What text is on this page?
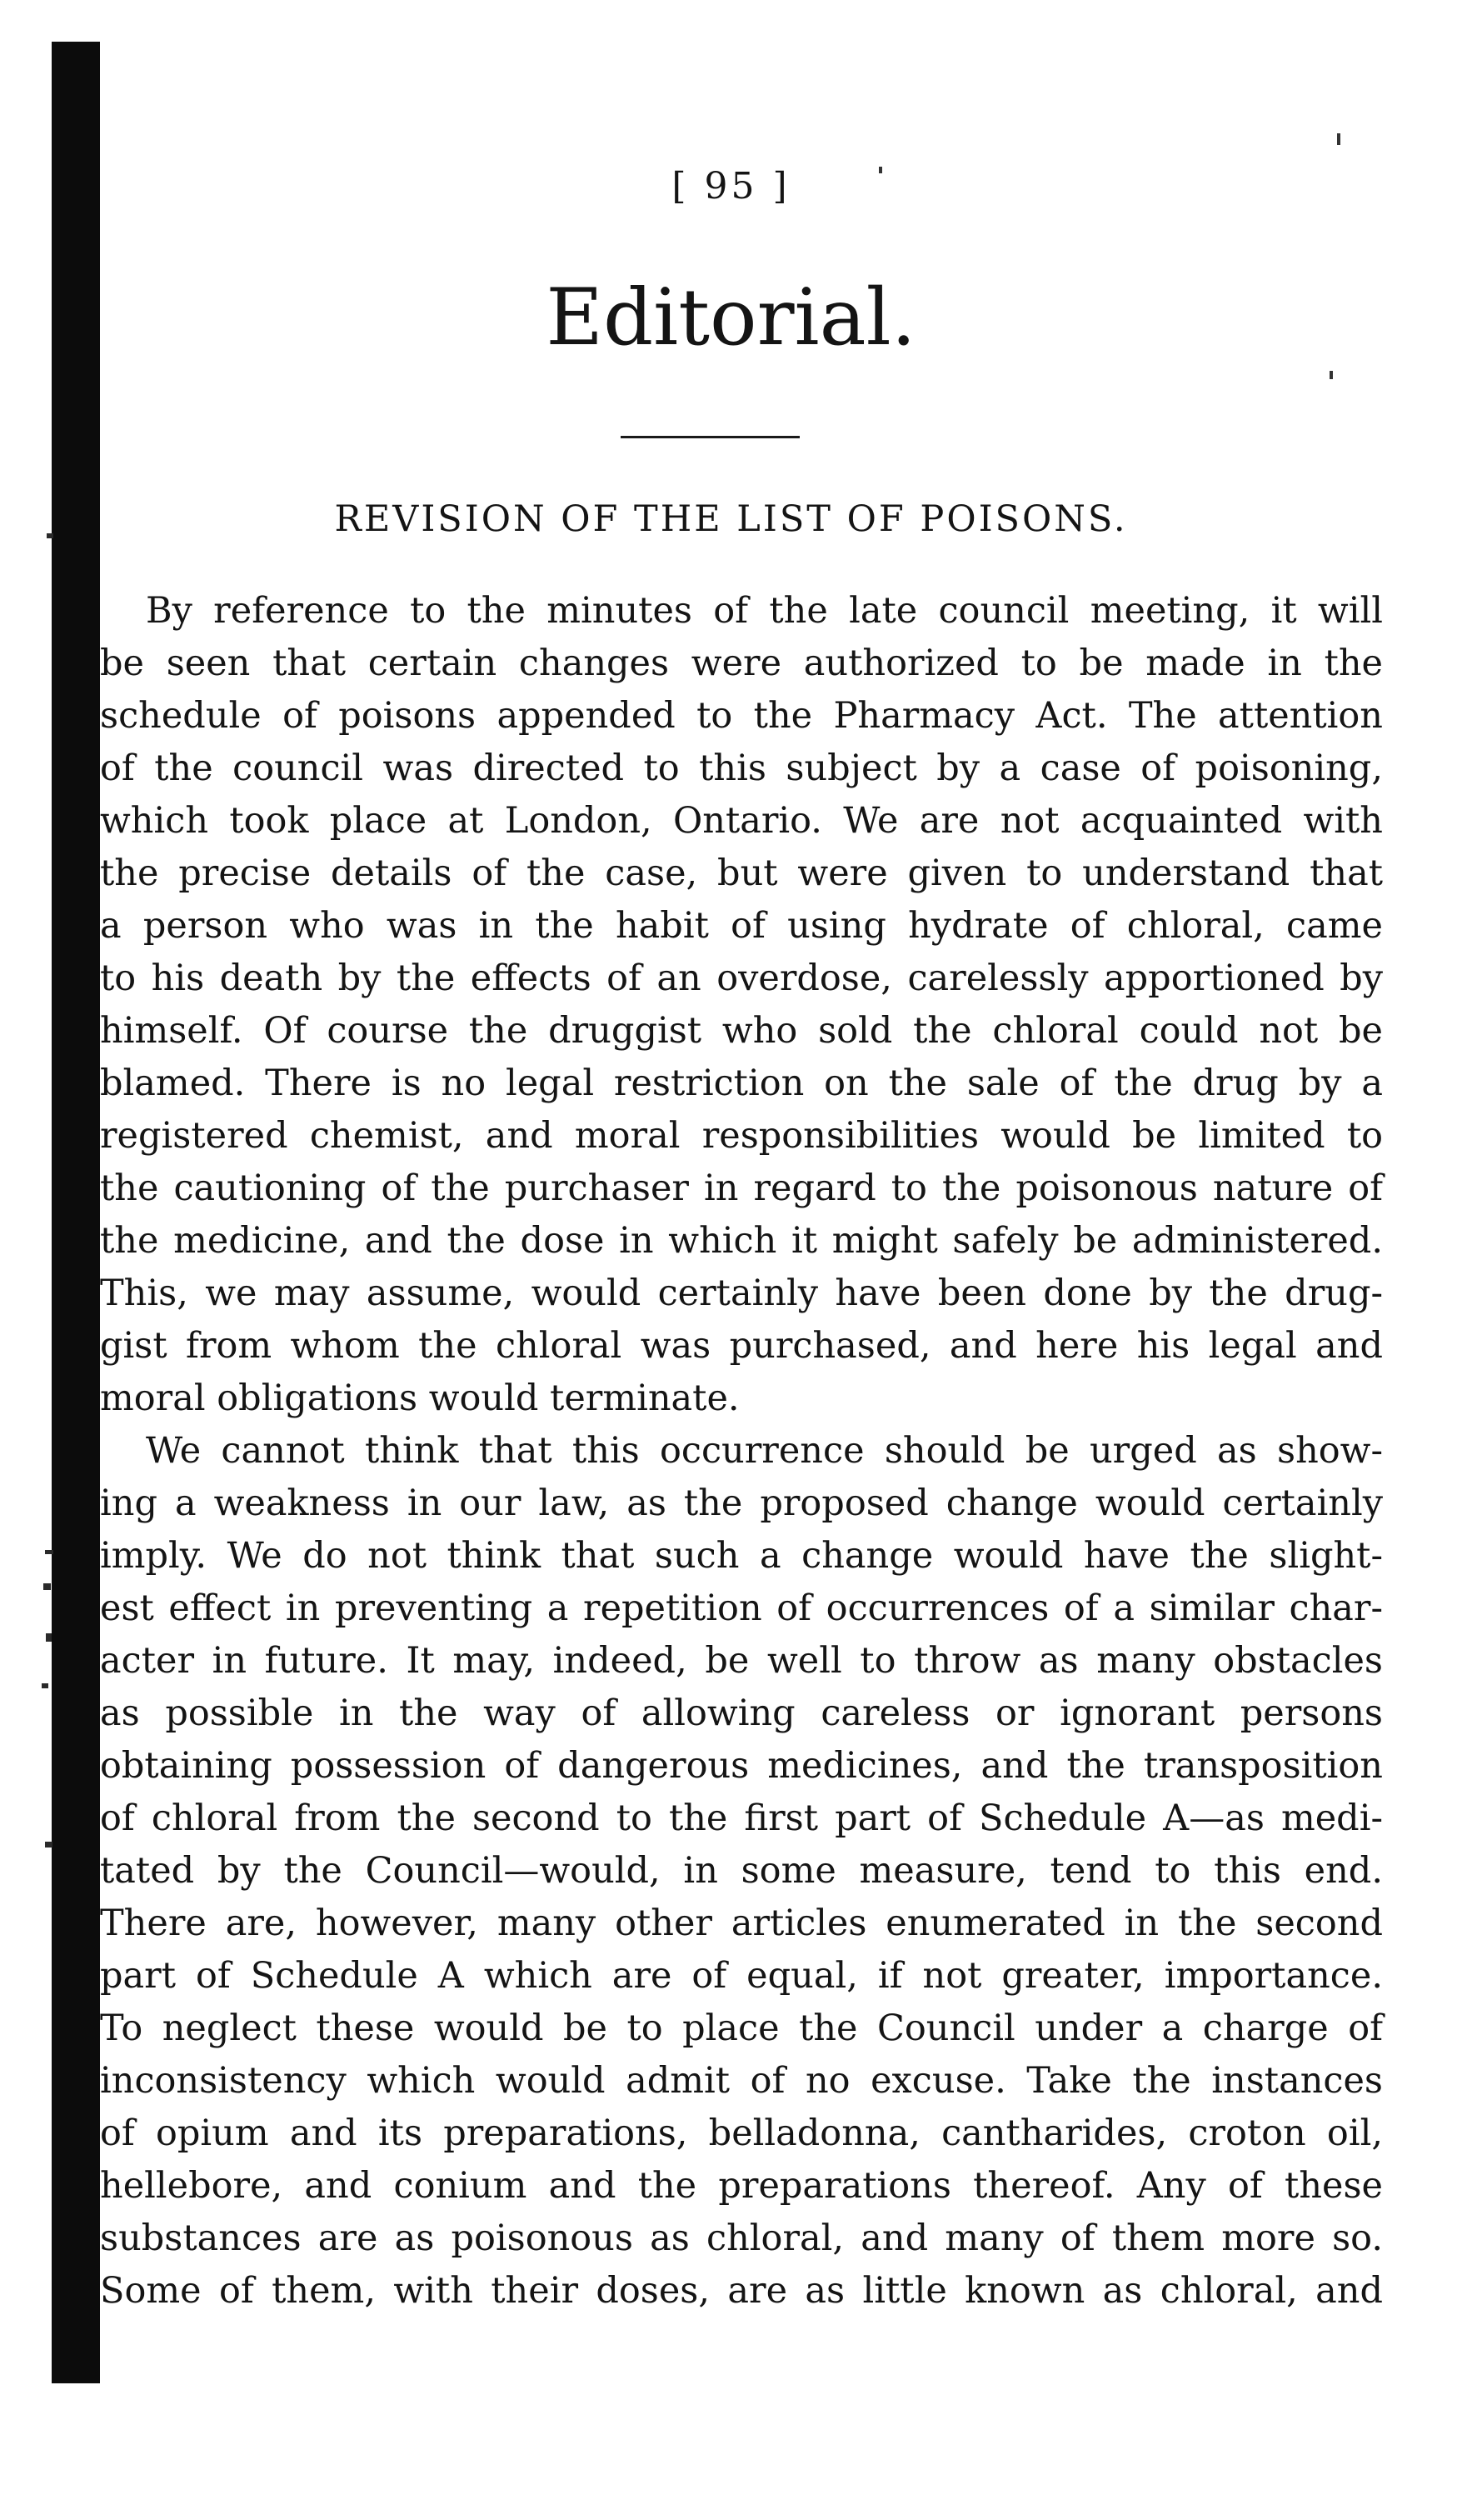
[ 95 ]
Editorial.
REVISION OF THE LIST OF POISONS.
By reference to the minutes of the late council meeting, it will
be seen that certain changes were authorized to be made in the
schedule of poisons appended to the Pharmacy Act. The attention
of the council was directed to this subject by a case of poisoning,
which took place at London, Ontario. We are not acquainted with
the precise details of the case, but were given to understand that
a person who was in the habit of using hydrate of chloral, came
to his death by the effects of an overdose, carelessly apportioned by
himself. Of course the druggist who sold the chloral could not be
blamed. There is no legal restriction on the sale of the drug by a
registered chemist, and moral responsibilities would be limited to
the cautioning of the purchaser in regard to the poisonous nature of
the medicine, and the dose in which it might safely be administered.
This, we may assume, would certainly have been done by the drug-
gist from whom the chloral was purchased, and here his legal and
moral obligations would terminate.
We cannot think that this occurrence should be urged as show-
ing a weakness in our law, as the proposed change would certainly
imply. We do not think that such a change would have the slight-
est effect in preventing a repetition of occurrences of a similar char-
acter in future. It may, indeed, be well to throw as many obstacles
as possible in the way of allowing careless or ignorant persons
obtaining possession of dangerous medicines, and the transposition
of chloral from the second to the first part of Schedule A—as medi-
tated by the Council—would, in some measure, tend to this end.
There are, however, many other articles enumerated in the second
part of Schedule A which are of equal, if not greater, importance.
To neglect these would be to place the Council under a charge of
inconsistency which would admit of no excuse. Take the instances
of opium and its preparations, belladonna, cantharides, croton oil,
hellebore, and conium and the preparations thereof. Any of these
substances are as poisonous as chloral, and many of them more so.
Some of them, with their doses, are as little known as chloral, and
